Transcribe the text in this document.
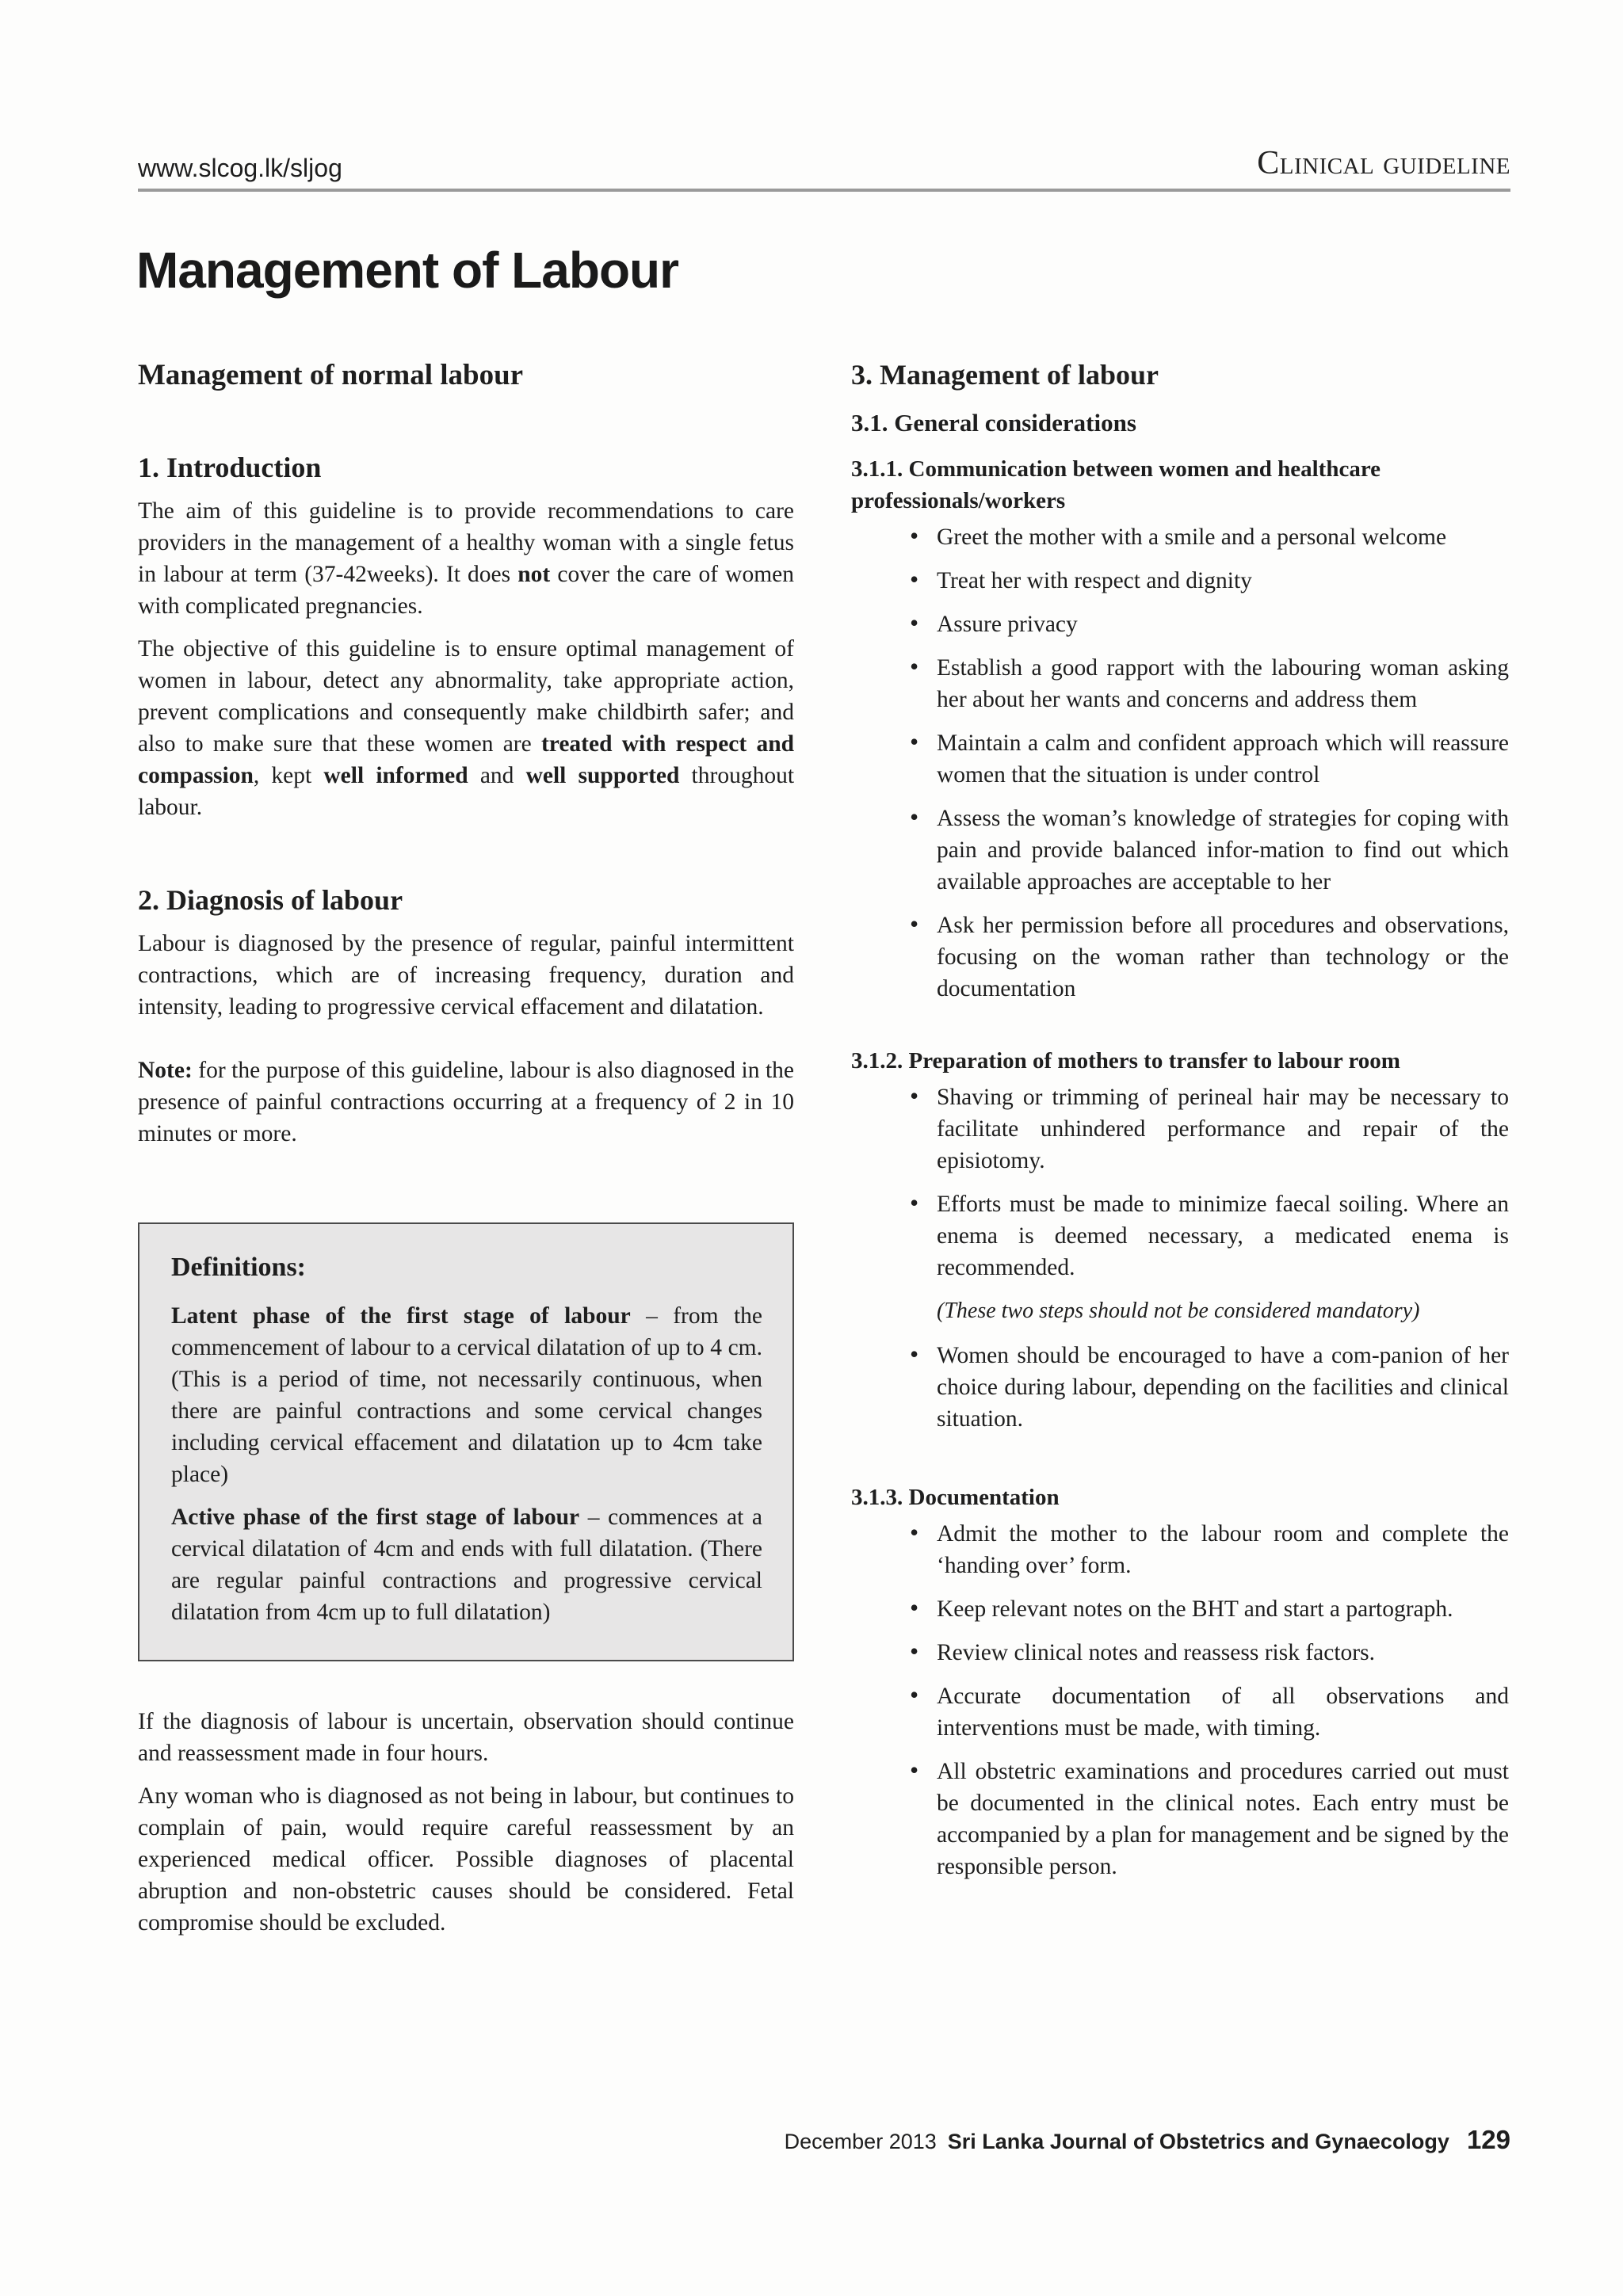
www.slcog.lk/sljog	Clinical guideline
Management of Labour
Management of normal labour
1. Introduction

The aim of this guideline is to provide recommendations to care providers in the management of a healthy woman with a single fetus in labour at term (37-42weeks). It does not cover the care of women with complicated pregnancies.

The objective of this guideline is to ensure optimal management of women in labour, detect any abnormality, take appropriate action, prevent complications and consequently make childbirth safer; and also to make sure that these women are treated with respect and compassion, kept well informed and well supported throughout labour.

2. Diagnosis of labour

Labour is diagnosed by the presence of regular, painful intermittent contractions, which are of increasing frequency, duration and intensity, leading to progressive cervical effacement and dilatation.

Note: for the purpose of this guideline, labour is also diagnosed in the presence of painful contractions occurring at a frequency of 2 in 10 minutes or more.

Definitions:

Latent phase of the first stage of labour – from the commencement of labour to a cervical dilatation of up to 4 cm. (This is a period of time, not necessarily continuous, when there are painful contractions and some cervical changes including cervical effacement and dilatation up to 4cm take place)

Active phase of the first stage of labour – commences at a cervical dilatation of 4cm and ends with full dilatation. (There are regular painful contractions and progressive cervical dilatation from 4cm up to full dilatation)

If the diagnosis of labour is uncertain, observation should continue and reassessment made in four hours.

Any woman who is diagnosed as not being in labour, but continues to complain of pain, would require careful reassessment by an experienced medical officer. Possible diagnoses of placental abruption and non-obstetric causes should be considered. Fetal compromise should be excluded.

3. Management of labour
3.1. General considerations
3.1.1. Communication between women and healthcare professionals/workers
• Greet the mother with a smile and a personal welcome
• Treat her with respect and dignity
• Assure privacy
• Establish a good rapport with the labouring woman asking her about her wants and concerns and address them
• Maintain a calm and confident approach which will reassure women that the situation is under control
• Assess the woman’s knowledge of strategies for coping with pain and provide balanced infor-mation to find out which available approaches are acceptable to her
• Ask her permission before all procedures and observations, focusing on the woman rather than technology or the documentation
3.1.2. Preparation of mothers to transfer to labour room
• Shaving or trimming of perineal hair may be necessary to facilitate unhindered performance and repair of the episiotomy.
• Efforts must be made to minimize faecal soiling. Where an enema is deemed necessary, a medicated enema is recommended.
(These two steps should not be considered mandatory)
• Women should be encouraged to have a com-panion of her choice during labour, depending on the facilities and clinical situation.
3.1.3. Documentation
• Admit the mother to the labour room and complete the ‘handing over’ form.
• Keep relevant notes on the BHT and start a partograph.
• Review clinical notes and reassess risk factors.
• Accurate documentation of all observations and interventions must be made, with timing.
• All obstetric examinations and procedures carried out must be documented in the clinical notes. Each entry must be accompanied by a plan for management and be signed by the responsible person.
December 2013 Sri Lanka Journal of Obstetrics and Gynaecology 129
